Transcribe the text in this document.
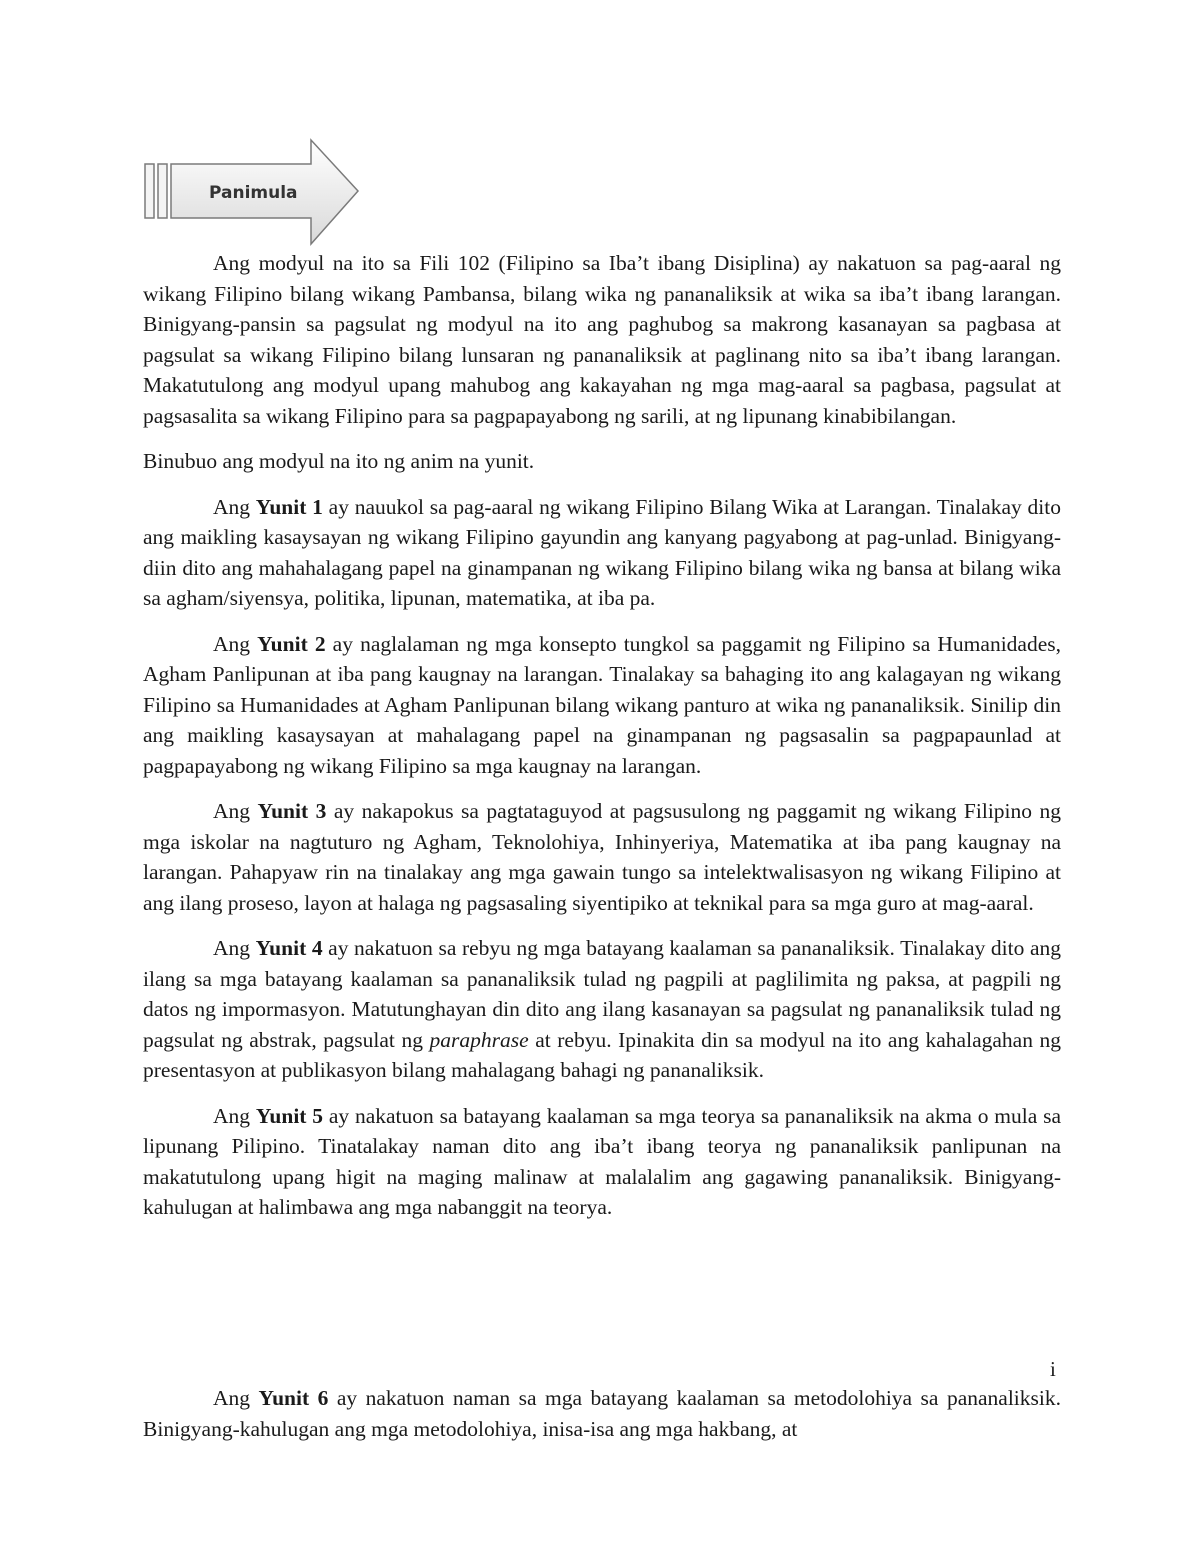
Panimula

Ang modyul na ito sa Fili 102 (Filipino sa Iba’t ibang Disiplina) ay nakatuon sa pag-aaral ng wikang Filipino bilang wikang Pambansa, bilang wika ng pananaliksik at wika sa iba’t ibang larangan. Binigyang-pansin sa pagsulat ng modyul na ito ang paghubog sa makrong kasanayan sa pagbasa at pagsulat sa wikang Filipino bilang lunsaran ng pananaliksik at paglinang nito sa iba’t ibang larangan. Makatutulong ang modyul upang mahubog ang kakayahan ng mga mag-aaral sa pagbasa, pagsulat at pagsasalita sa wikang Filipino para sa pagpapayabong ng sarili, at ng lipunang kinabibilangan.

Binubuo ang modyul na ito ng anim na yunit.

Ang Yunit 1 ay nauukol sa pag-aaral ng wikang Filipino Bilang Wika at Larangan. Tinalakay dito ang maikling kasaysayan ng wikang Filipino gayundin ang kanyang pagyabong at pag-unlad. Binigyang-diin dito ang mahahalagang papel na ginampanan ng wikang Filipino bilang wika ng bansa at bilang wika sa agham/siyensya, politika, lipunan, matematika, at iba pa.

Ang Yunit 2 ay naglalaman ng mga konsepto tungkol sa paggamit ng Filipino sa Humanidades, Agham Panlipunan at iba pang kaugnay na larangan. Tinalakay sa bahaging ito ang kalagayan ng wikang Filipino sa Humanidades at Agham Panlipunan bilang wikang panturo at wika ng pananaliksik. Sinilip din ang maikling kasaysayan at mahalagang papel na ginampanan ng pagsasalin sa pagpapaunlad at pagpapayabong ng wikang Filipino sa mga kaugnay na larangan.

Ang Yunit 3 ay nakapokus sa pagtataguyod at pagsusulong ng paggamit ng wikang Filipino ng mga iskolar na nagtuturo ng Agham, Teknolohiya, Inhinyeriya, Matematika at iba pang kaugnay na larangan. Pahapyaw rin na tinalakay ang mga gawain tungo sa intelektwalisasyon ng wikang Filipino at ang ilang proseso, layon at halaga ng pagsasaling siyentipiko at teknikal para sa mga guro at mag-aaral.

Ang Yunit 4 ay nakatuon sa rebyu ng mga batayang kaalaman sa pananaliksik. Tinalakay dito ang ilang sa mga batayang kaalaman sa pananaliksik tulad ng pagpili at paglilimita ng paksa, at pagpili ng datos ng impormasyon. Matutunghayan din dito ang ilang kasanayan sa pagsulat ng pananaliksik tulad ng pagsulat ng abstrak, pagsulat ng paraphrase at rebyu. Ipinakita din sa modyul na ito ang kahalagahan ng presentasyon at publikasyon bilang mahalagang bahagi ng pananaliksik.

Ang Yunit 5 ay nakatuon sa batayang kaalaman sa mga teorya sa pananaliksik na akma o mula sa lipunang Pilipino. Tinatalakay naman dito ang iba’t ibang teorya ng pananaliksik panlipunan na makatutulong upang higit na maging malinaw at malalalim ang gagawing pananaliksik. Binigyang-kahulugan at halimbawa ang mga nabanggit na teorya.

i

Ang Yunit 6 ay nakatuon naman sa mga batayang kaalaman sa metodolohiya sa pananaliksik. Binigyang-kahulugan ang mga metodolohiya, inisa-isa ang mga hakbang, at
